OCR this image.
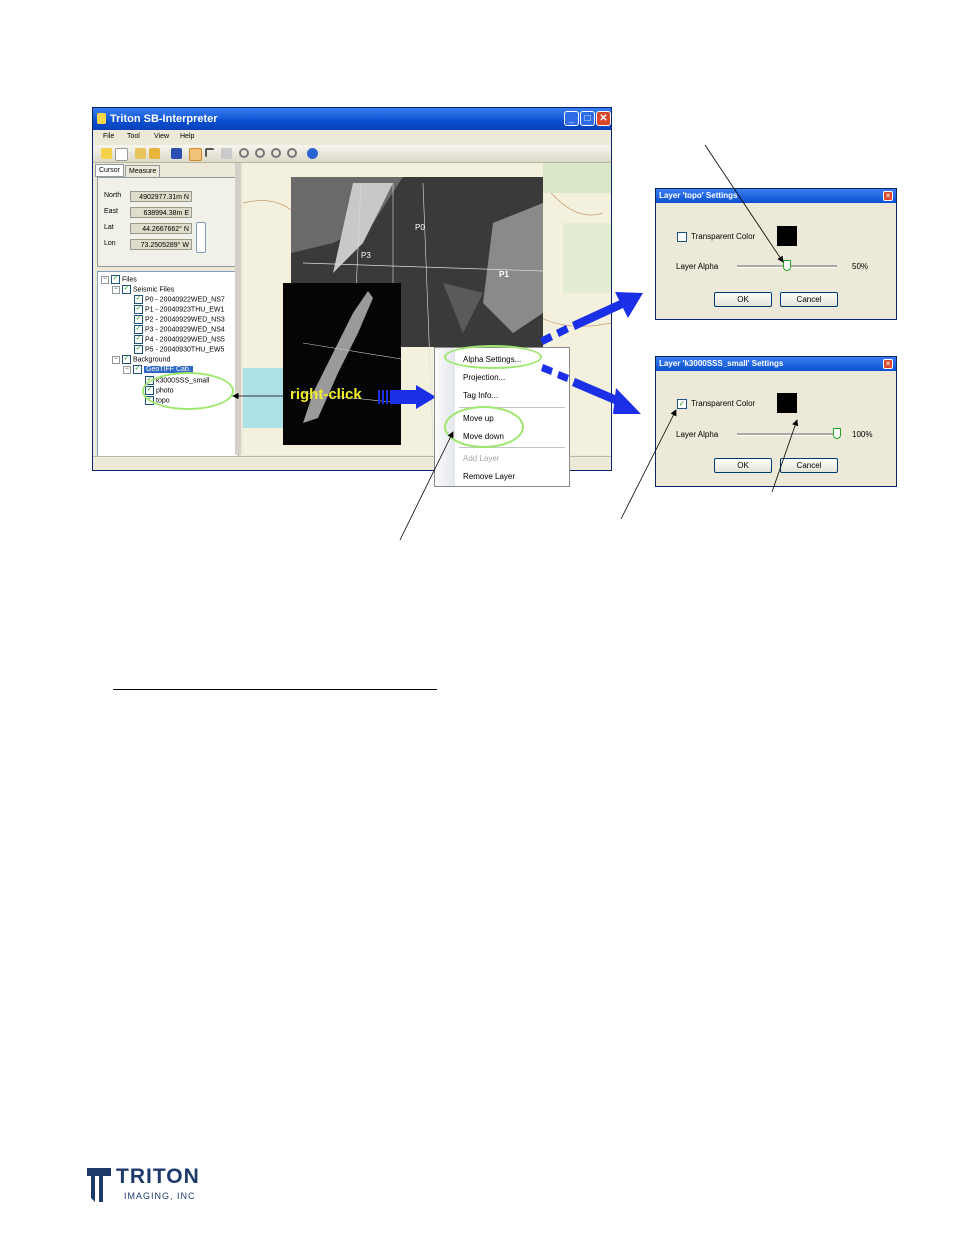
Triton SB-Interpreter	_	□ ✕
File Tool View Help
Cursor	Measure
North	4902977.31m N
East	638994.38m E
Lat	44.2667662° N
Lon	73.2505289° W
− ✓ Files
− ✓ Seismic Files
✓ P0 - 20040922WED_NS7
✓ P1 - 20040923THU_EW1
✓ P2 - 20040929WED_NS3
✓ P3 - 20040929WED_NS4
✓ P4 - 20040929WED_NS5
✓ P5 - 20040930THU_EW5
− ✓ Background
− ✓ GeoTIFF Cab.
✓ k3000SSS_small
✓ photo
✓ topo
P0
P3
P1
right-click
Alpha Settings...
Projection...
Tag Info...
Move up
Move down
Add Layer
Remove Layer
Layer 'topo' Settings	✕
Transparent Color
Layer Alpha	50%
OK	Cancel
Layer 'k3000SSS_small' Settings	✕
✓ Transparent Color
Layer Alpha	100%
OK	Cancel
TRITON
IMAGING, INC
